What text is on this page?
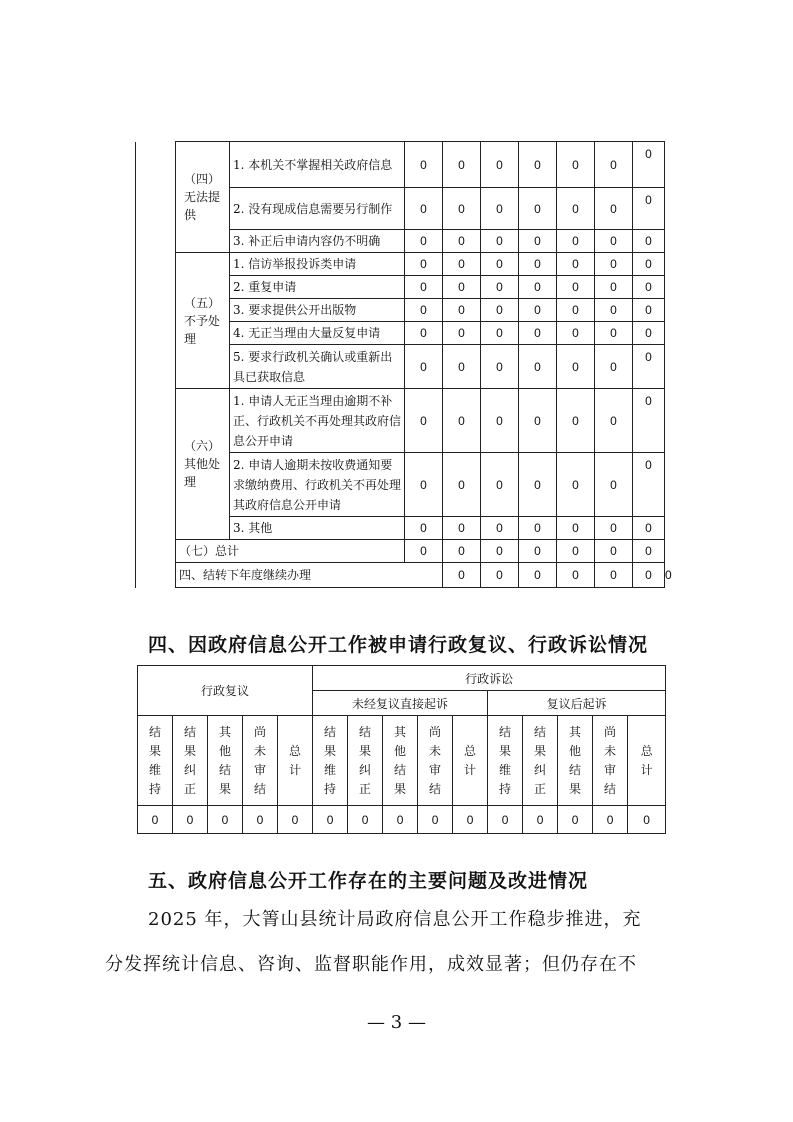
	（四）
无法提
供	1. 本机关不掌握相关政府信息	0	0	0	0	0	0	0	
		2. 没有现成信息需要另行制作	0	0	0	0	0	0	0	
		3. 补正后申请内容仍不明确	0	0	0	0	0	0	0	
	（五）
不予处
理	1. 信访举报投诉类申请	0	0	0	0	0	0	0	
		2. 重复申请	0	0	0	0	0	0	0	
		3. 要求提供公开出版物	0	0	0	0	0	0	0	
		4. 无正当理由大量反复申请	0	0	0	0	0	0	0	
		5. 要求行政机关确认或重新出具已获取信息	0	0	0	0	0	0	0	
	（六）
其他处
理	1. 申请人无正当理由逾期不补正、行政机关不再处理其政府信息公开申请	0	0	0	0	0	0	0	
		2. 申请人逾期未按收费通知要求缴纳费用、行政机关不再处理其政府信息公开申请	0	0	0	0	0	0	0	
		3. 其他	0	0	0	0	0	0	0	
	（七）总计		0	0	0	0	0	0	0	
	四、结转下年度继续办理			0	0	0	0	0	0	0
四、因政府信息公开工作被申请行政复议、行政诉讼情况
行政复议					行政诉讼									
					未经复议直接起诉					复议后起诉				
结
果
维
持	结
果
纠
正	其
他
结
果	尚
未
审
结	总
计	结
果
维
持	结
果
纠
正	其
他
结
果	尚
未
审
结	总
计	结
果
维
持	结
果
纠
正	其
他
结
果	尚
未
审
结	总
计
0	0	0	0	0	0	0	0	0	0	0	0	0	0	0
五、政府信息公开工作存在的主要问题及改进情况

2025 年，大箐山县统计局政府信息公开工作稳步推进，充

分发挥统计信息、咨询、监督职能作用，成效显著；但仍存在不

— 3 —
